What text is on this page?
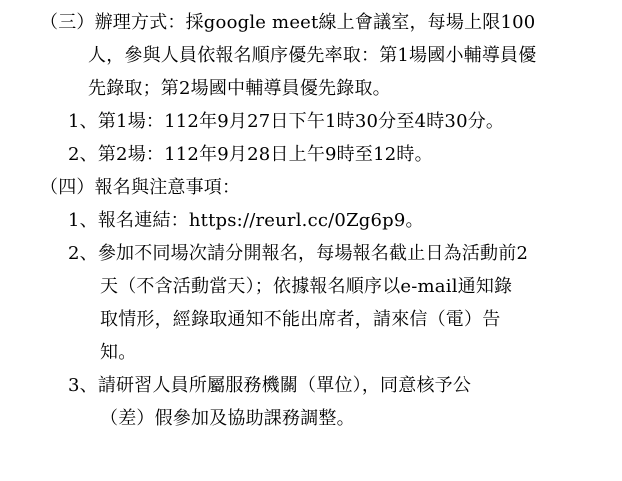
（三） 辦理方式：採google meet線上會議室，每場上限100
人，參與人員依報名順序優先率取：第1場國小輔導員優
先錄取；第2場國中輔導員優先錄取。
1、 第1場：112年9月27日下午1時30分至4時30分。
2、 第2場：112年9月28日上午9時至12時。
（四） 報名與注意事項：
1、 報名連結：https://reurl.cc/0Zg6p9。
2、 參加不同場次請分開報名，每場報名截止日為活動前2
天（不含活動當天）；依據報名順序以e-mail通知錄
取情形，經錄取通知不能出席者，請來信（電）告
知。
3、 請研習人員所屬服務機關（單位），同意核予公
（差）假參加及協助課務調整。
